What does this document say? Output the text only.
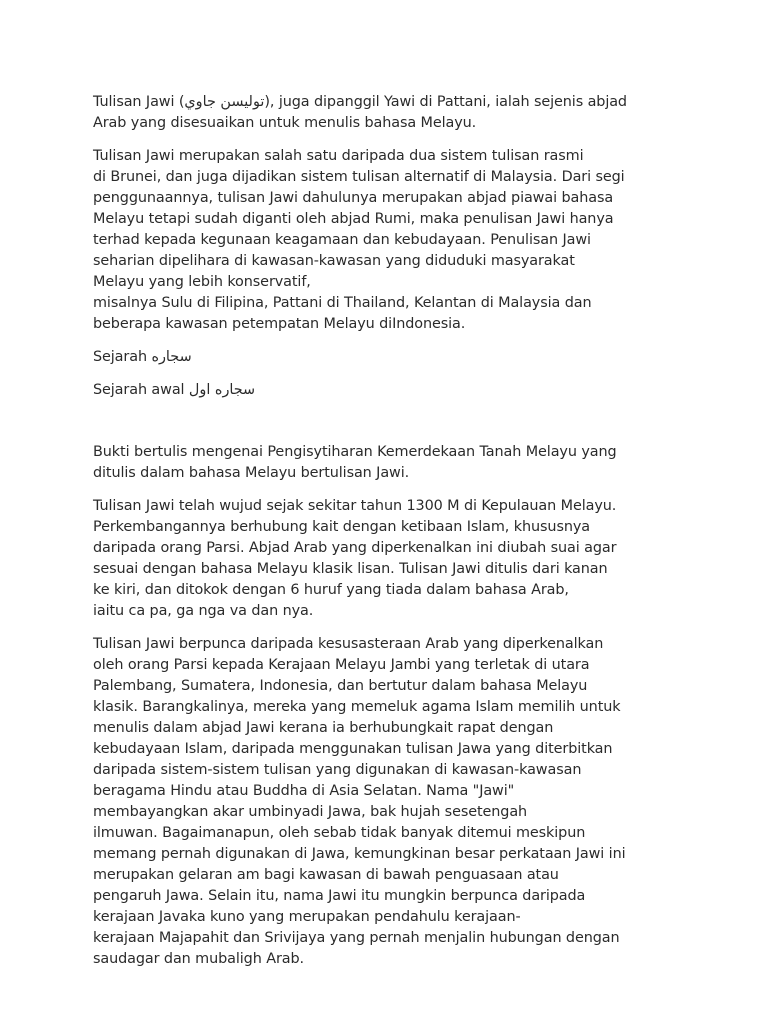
Tulisan Jawi (توليسن جاوي), juga dipanggil Yawi di Pattani, ialah sejenis abjad
Arab yang disesuaikan untuk menulis bahasa Melayu.
Tulisan Jawi merupakan salah satu daripada dua sistem tulisan rasmi
di Brunei, dan juga dijadikan sistem tulisan alternatif di Malaysia. Dari segi
penggunaannya, tulisan Jawi dahulunya merupakan abjad piawai bahasa
Melayu tetapi sudah diganti oleh abjad Rumi, maka penulisan Jawi hanya
terhad kepada kegunaan keagamaan dan kebudayaan. Penulisan Jawi
seharian dipelihara di kawasan-kawasan yang diduduki masyarakat
Melayu yang lebih konservatif,
misalnya Sulu di Filipina, Pattani di Thailand, Kelantan di Malaysia dan
beberapa kawasan petempatan Melayu diIndonesia.
Sejarah سجاره
Sejarah awal سجاره اول
Bukti bertulis mengenai Pengisytiharan Kemerdekaan Tanah Melayu yang
ditulis dalam bahasa Melayu bertulisan Jawi.
Tulisan Jawi telah wujud sejak sekitar tahun 1300 M di Kepulauan Melayu.
Perkembangannya berhubung kait dengan ketibaan Islam, khususnya
daripada orang Parsi. Abjad Arab yang diperkenalkan ini diubah suai agar
sesuai dengan bahasa Melayu klasik lisan. Tulisan Jawi ditulis dari kanan
ke kiri, dan ditokok dengan 6 huruf yang tiada dalam bahasa Arab,
iaitu ca pa, ga nga va dan nya.
Tulisan Jawi berpunca daripada kesusasteraan Arab yang diperkenalkan
oleh orang Parsi kepada Kerajaan Melayu Jambi yang terletak di utara
Palembang, Sumatera, Indonesia, dan bertutur dalam bahasa Melayu
klasik. Barangkalinya, mereka yang memeluk agama Islam memilih untuk
menulis dalam abjad Jawi kerana ia berhubungkait rapat dengan
kebudayaan Islam, daripada menggunakan tulisan Jawa yang diterbitkan
daripada sistem-sistem tulisan yang digunakan di kawasan-kawasan
beragama Hindu atau Buddha di Asia Selatan. Nama "Jawi"
membayangkan akar umbinyadi Jawa, bak hujah sesetengah
ilmuwan. Bagaimanapun, oleh sebab tidak banyak ditemui meskipun
memang pernah digunakan di Jawa, kemungkinan besar perkataan Jawi ini
merupakan gelaran am bagi kawasan di bawah penguasaan atau
pengaruh Jawa. Selain itu, nama Jawi itu mungkin berpunca daripada
kerajaan Javaka kuno yang merupakan pendahulu kerajaan-
kerajaan Majapahit dan Srivijaya yang pernah menjalin hubungan dengan
saudagar dan mubaligh Arab.
